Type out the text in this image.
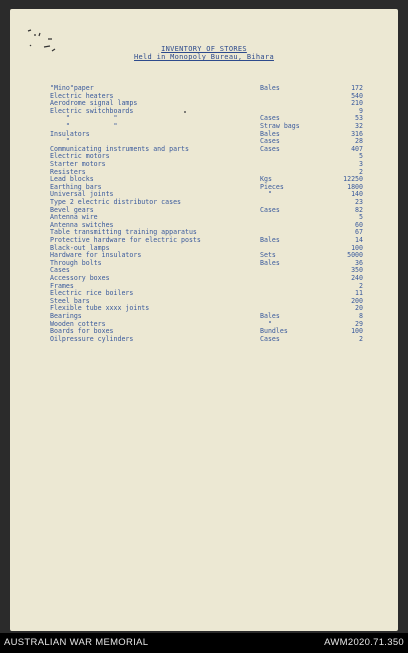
INVENTORY OF STORES
Held in Monopoly Bureau, Bihara
"Mino"paper	Bales	172
Electric heaters	540
Aerodrome signal lamps	210
Electric switchboards	9
"           "	Cases	53
"           "	Straw bags	32
Insulators	Bales	316
"	Cases	28
Communicating instruments and parts	Cases	407
Electric motors	5
Starter motors	3
Resisters	2
Lead blocks	Kgs	12250
Earthing bars	Pieces	1800
Universal joints	"	140
Type 2 electric distributor cases	23
Bevel gears	Cases	82
Antenna wire	5
Antenna switches	60
Table transmitting training apparatus	67
Protective hardware for electric posts	Bales	14
Black-out lamps	100
Hardware for insulators	Sets	5000
Through bolts	Bales	36
Cases	350
Accessory boxes	240
Frames	2
Electric rice boilers	11
Steel bars	200
Flexible tube xxxx joints	20
Bearings	Bales	8
Wooden cotters	"	29
Boards for boxes	Bundles	100
Oilpressure cylinders	Cases	2
AUSTRALIAN WAR MEMORIAL	AWM2020.71.350
